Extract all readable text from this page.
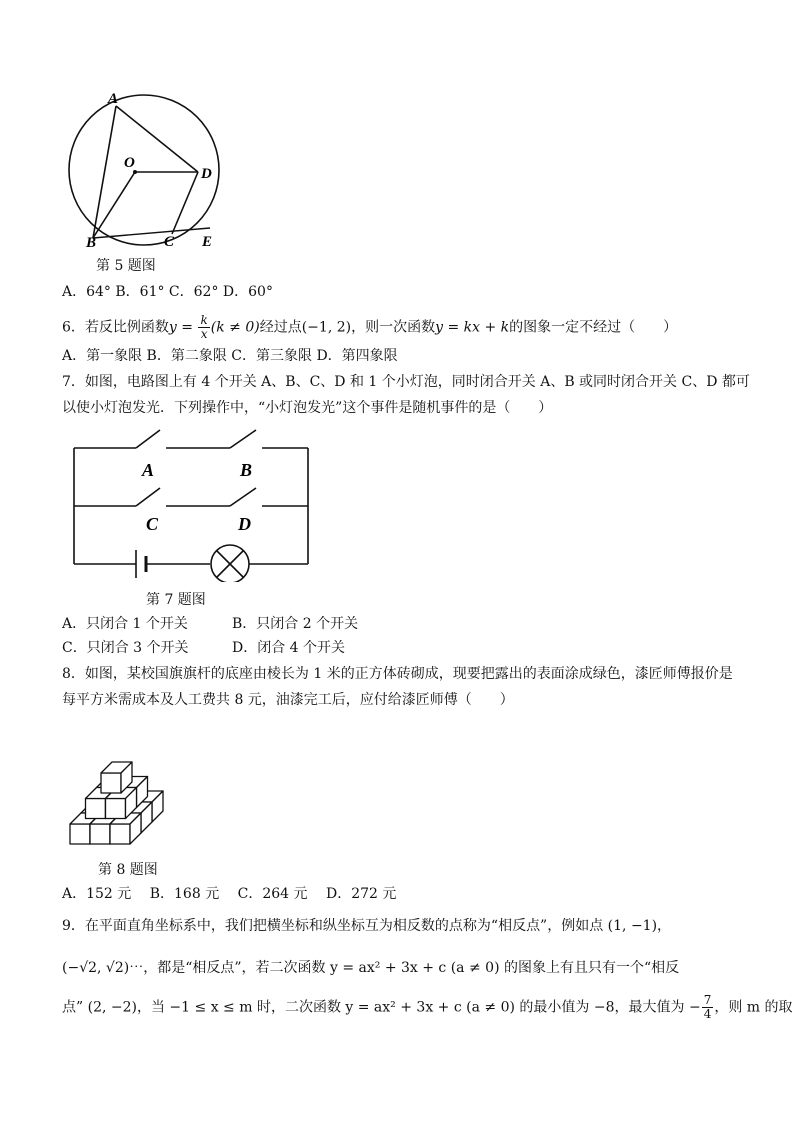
A
O
D
B	C E
第 5 题图
A．64° B．61° C．62° D．60°
6．若反比例函数$y = \frac{k}{x} (k \ne 0)$经过点(−1, 2)，则一次函数y = kx + k的图象一定不经过（　　）
A．第一象限 B．第二象限 C．第三象限 D．第四象限
7．如图，电路图上有 4 个开关 A、B、C、D 和 1 个小灯泡，同时闭合开关 A、B 或同时闭合开关 C、D 都可
以使小灯泡发光．下列操作中，“小灯泡发光”这个事件是随机事件的是（　　）
A	B
C	D
第 7 题图
A．只闭合 1 个开关	B．只闭合 2 个开关
C．只闭合 3 个开关	D．闭合 4 个开关
8．如图，某校国旗旗杆的底座由棱长为 1 米的正方体砖砌成，现要把露出的表面涂成绿色，漆匠师傅报价是
每平方米需成本及人工费共 8 元，油漆完工后，应付给漆匠师傅（　　）
第 8 题图
A．152 元　 B．168 元　 C．264 元　 D．272 元
9．在平面直角坐标系中，我们把横坐标和纵坐标互为相反数的点称为“相反点”，例如点 (1, −1)，
(−√2, √2)⋯，都是“相反点”，若二次函数 y = ax² + 3x + c (a ≠ 0) 的图象上有且只有一个“相反
点” (2, −2)，当 −1 ≤ x ≤ m 时，二次函数 y = ax² + 3x + c (a ≠ 0) 的最小值为 −8，最大值为 − $\frac{7}{4}$ ，则 m 的取
